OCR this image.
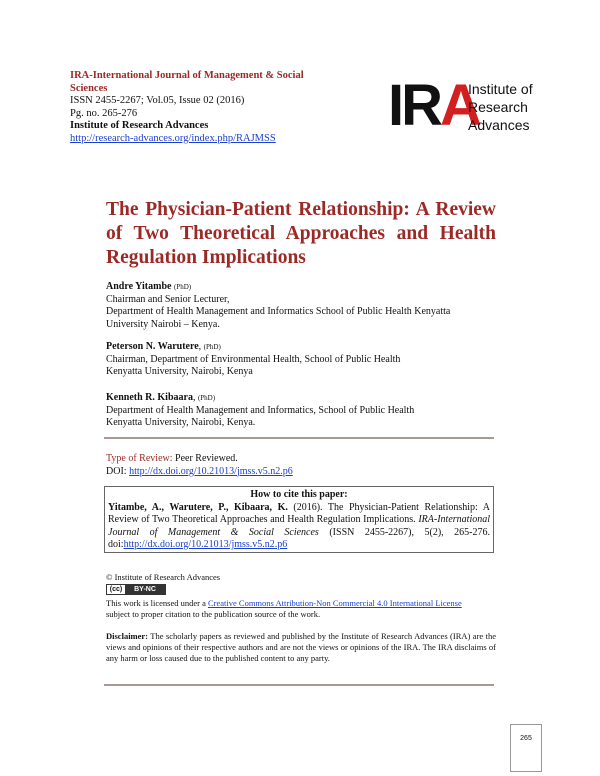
IRA-International Journal of Management & Social Sciences
ISSN 2455-2267; Vol.05, Issue 02 (2016)
Pg. no. 265-276
Institute of Research Advances
http://research-advances.org/index.php/RAJMSS
IRA
Institute of
Research
Advances
The Physician-Patient Relationship: A Review of Two Theoretical Approaches and Health Regulation Implications
Andre Yitambe (PhD)
Chairman and Senior Lecturer,
Department of Health Management and Informatics School of Public Health Kenyatta
University Nairobi – Kenya.
Peterson N. Warutere, (PhD)
Chairman, Department of Environmental Health, School of Public Health
Kenyatta University, Nairobi, Kenya
Kenneth R. Kibaara, (PhD)
Department of Health Management and Informatics, School of Public Health
Kenyatta University, Nairobi, Kenya.
Type of Review: Peer Reviewed.
DOI: http://dx.doi.org/10.21013/jmss.v5.n2.p6
How to cite this paper:
Yitambe, A., Warutere, P., Kibaara, K. (2016). The Physician-Patient Relationship: A Review of Two Theoretical Approaches and Health Regulation Implications. IRA-International Journal of Management & Social Sciences (ISSN 2455-2267), 5(2), 265-276. doi:http://dx.doi.org/10.21013/jmss.v5.n2.p6
© Institute of Research Advances
(cc)	BY-NC
This work is licensed under a Creative Commons Attribution-Non Commercial 4.0 International License
subject to proper citation to the publication source of the work.
Disclaimer: The scholarly papers as reviewed and published by the Institute of Research Advances (IRA) are the views and opinions of their respective authors and are not the views or opinions of the IRA. The IRA disclaims of any harm or loss caused due to the published content to any party.
265
